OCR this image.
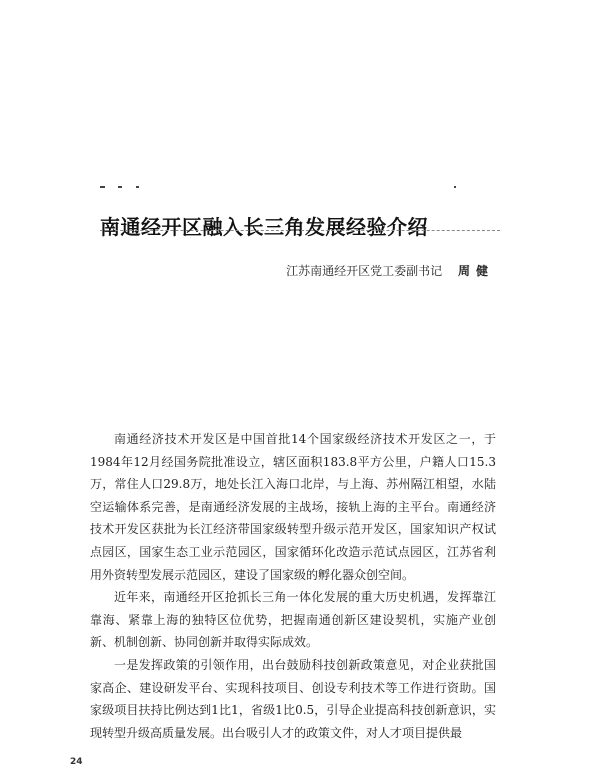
南通经开区融入长三角发展经验介绍
江苏南通经开区党工委副书记 周健

南通经济技术开发区是中国首批14个国家级经济技术开发区之一，于1984年12月经国务院批准设立，辖区面积183.8平方公里，户籍人口15.3万，常住人口29.8万，地处长江入海口北岸，与上海、苏州隔江相望，水陆空运输体系完善，是南通经济发展的主战场，接轨上海的主平台。南通经济技术开发区获批为长江经济带国家级转型升级示范开发区，国家知识产权试点园区，国家生态工业示范园区，国家循环化改造示范试点园区，江苏省利用外资转型发展示范园区，建设了国家级的孵化器众创空间。

近年来，南通经开区抢抓长三角一体化发展的重大历史机遇，发挥靠江靠海、紧靠上海的独特区位优势，把握南通创新区建设契机，实施产业创新、机制创新、协同创新并取得实际成效。

一是发挥政策的引领作用，出台鼓励科技创新政策意见，对企业获批国家高企、建设研发平台、实现科技项目、创设专利技术等工作进行资助。国家级项目扶持比例达到1比1，省级1比0.5，引导企业提高科技创新意识，实现转型升级高质量发展。出台吸引人才的政策文件，对人才项目提供最

24
